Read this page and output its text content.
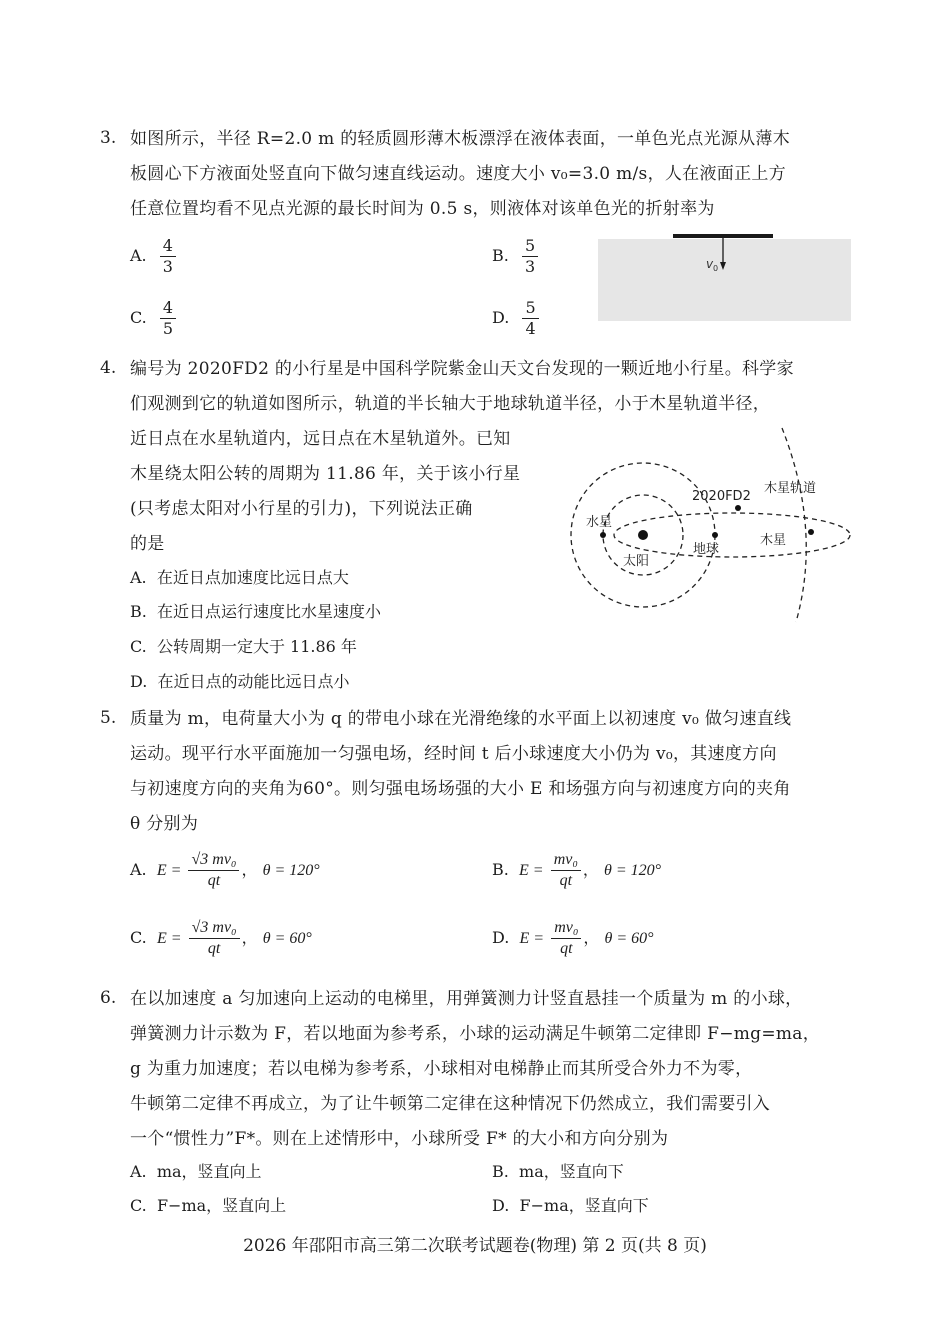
3. 如图所示，半径 R=2.0 m 的轻质圆形薄木板漂浮在液体表面，一单色光点光源从薄木
板圆心下方液面处竖直向下做匀速直线运动。速度大小 v₀=3.0 m/s，人在液面正上方
任意位置均看不见点光源的最长时间为 0.5 s，则液体对该单色光的折射率为
A. $\frac{4}{3}$	B. $\frac{5}{3}$
C. $\frac{4}{5}$	D. $\frac{5}{4}$
v 0
4. 编号为 2020FD2 的小行星是中国科学院紫金山天文台发现的一颗近地小行星。科学家
们观测到它的轨道如图所示，轨道的半长轴大于地球轨道半径，小于木星轨道半径，
近日点在水星轨道内，远日点在木星轨道外。已知
木星绕太阳公转的周期为 11.86 年，关于该小行星
(只考虑太阳对小行星的引力)，下列说法正确
的是
A. 在近日点加速度比远日点大
B. 在近日点运行速度比水星速度小
C. 公转周期一定大于 11.86 年
D. 在近日点的动能比远日点小
水星
太阳
地球
木星
2020FD2
木星轨道
5. 质量为 m，电荷量大小为 q 的带电小球在光滑绝缘的水平面上以初速度 v₀ 做匀速直线
运动。现平行水平面施加一匀强电场，经时间 t 后小球速度大小仍为 v₀，其速度方向
与初速度方向的夹角为60°。则匀强电场场强的大小 E 和场强方向与初速度方向的夹角
θ 分别为
A. $E = \frac{\text{√3 mv₀}}{qt}$ ， θ = 120°	B. $E = \frac{\text{mv₀}}{qt}$ ， θ = 120°
C. $E = \frac{\text{√3 mv₀}}{qt}$ ， θ = 60°	D. $E = \frac{\text{mv₀}}{qt}$ ， θ = 60°
6. 在以加速度 a 匀加速向上运动的电梯里，用弹簧测力计竖直悬挂一个质量为 m 的小球，
弹簧测力计示数为 F，若以地面为参考系，小球的运动满足牛顿第二定律即 F−mg=ma，
g 为重力加速度；若以电梯为参考系，小球相对电梯静止而其所受合外力不为零，
牛顿第二定律不再成立，为了让牛顿第二定律在这种情况下仍然成立，我们需要引入
一个“惯性力”F*。则在上述情形中，小球所受 F* 的大小和方向分别为
A. ma，竖直向上	B. ma，竖直向下
C. F−ma，竖直向上	D. F−ma，竖直向下
2026 年邵阳市高三第二次联考试题卷(物理) 第 2 页(共 8 页)
